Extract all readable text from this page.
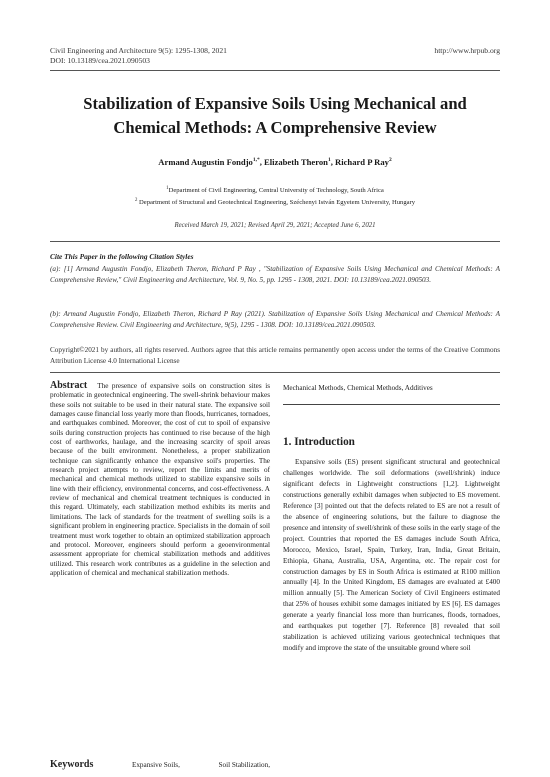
Civil Engineering and Architecture 9(5): 1295-1308, 2021	http://www.hrpub.org
DOI: 10.13189/cea.2021.090503
Stabilization of Expansive Soils Using Mechanical and Chemical Methods: A Comprehensive Review
Armand Augustin Fondjo$^{1,*}$, Elizabeth Theron$^1$, Richard P Ray$^2$
$^1$Department of Civil Engineering, Central University of Technology, South Africa
$^2$ Department of Structural and Geotechnical Engineering, Széchenyi István Egyetem University, Hungary
Received March 19, 2021; Revised April 29, 2021; Accepted June 6, 2021
Cite This Paper in the following Citation Styles
(a): [1] Armand Augustin Fondjo, Elizabeth Theron, Richard P Ray , "Stabilization of Expansive Soils Using Mechanical and Chemical Methods: A Comprehensive Review," Civil Engineering and Architecture, Vol. 9, No. 5, pp. 1295 - 1308, 2021. DOI: 10.13189/cea.2021.090503.
(b): Armand Augustin Fondjo, Elizabeth Theron, Richard P Ray (2021). Stabilization of Expansive Soils Using Mechanical and Chemical Methods: A Comprehensive Review. Civil Engineering and Architecture, 9(5), 1295 - 1308. DOI: 10.13189/cea.2021.090503.
Copyright©2021 by authors, all rights reserved. Authors agree that this article remains permanently open access under the terms of the Creative Commons Attribution License 4.0 International License
Abstract The presence of expansive soils on construction sites is problematic in geotechnical engineering. The swell-shrink behaviour makes these soils not suitable to be used in their natural state. The expansive soil damages cause financial loss yearly more than floods, hurricanes, tornadoes, and earthquakes combined. Moreover, the cost of cut to spoil of expansive soils during construction projects has continued to rise because of the high cost of earthworks, haulage, and the increasing scarcity of spoil areas because of the built environment. Nonetheless, a proper stabilization technique can significantly enhance the expansive soil's properties. The research project attempts to review, report the limits and merits of mechanical and chemical methods utilized to stabilize expansive soils in line with their efficiency, environmental concerns, and cost-effectiveness. A review of mechanical and chemical treatment techniques is conducted in this regard. Ultimately, each stabilization method exhibits its merits and limitations. The lack of standards for the treatment of swelling soils is a significant problem in engineering practice. Specialists in the domain of soil treatment must work together to obtain an optimized stabilization approach and protocol. Moreover, engineers should perform a geoenvironmental assessment appropriate for chemical stabilization methods and additives utilized. This research work contributes as a guideline in the selection and application of chemical and mechanical stabilization methods.
Keywords	Expansive Soils,	Soil Stabilization,
Mechanical Methods, Chemical Methods, Additives
1. Introduction

Expansive soils (ES) present significant structural and geotechnical challenges worldwide. The soil deformations (swell/shrink) induce significant defects in Lightweight constructions [1,2]. Lightweight constructions generally exhibit damages when subjected to ES movement. Reference [3] pointed out that the defects related to ES are not a result of the absence of engineering solutions, but the failure to diagnose the presence and intensity of swell/shrink of these soils in the early stage of the project. Countries that reported the ES damages include South Africa, Morocco, Mexico, Israel, Spain, Turkey, Iran, India, Great Britain, Ethiopia, Ghana, Australia, USA, Argentina, etc. The repair cost for construction damages by ES in South Africa is estimated at R100 million annually [4]. In the United Kingdom, ES damages are evaluated at £400 million annually [5]. The American Society of Civil Engineers estimated that 25% of houses exhibit some damages initiated by ES [6]. ES damages generate a yearly financial loss more than hurricanes, floods, tornadoes, and earthquakes put together [7]. Reference [8] revealed that soil stabilization is achieved utilizing various geotechnical techniques that modify and improve the state of the unsuitable ground where soil
